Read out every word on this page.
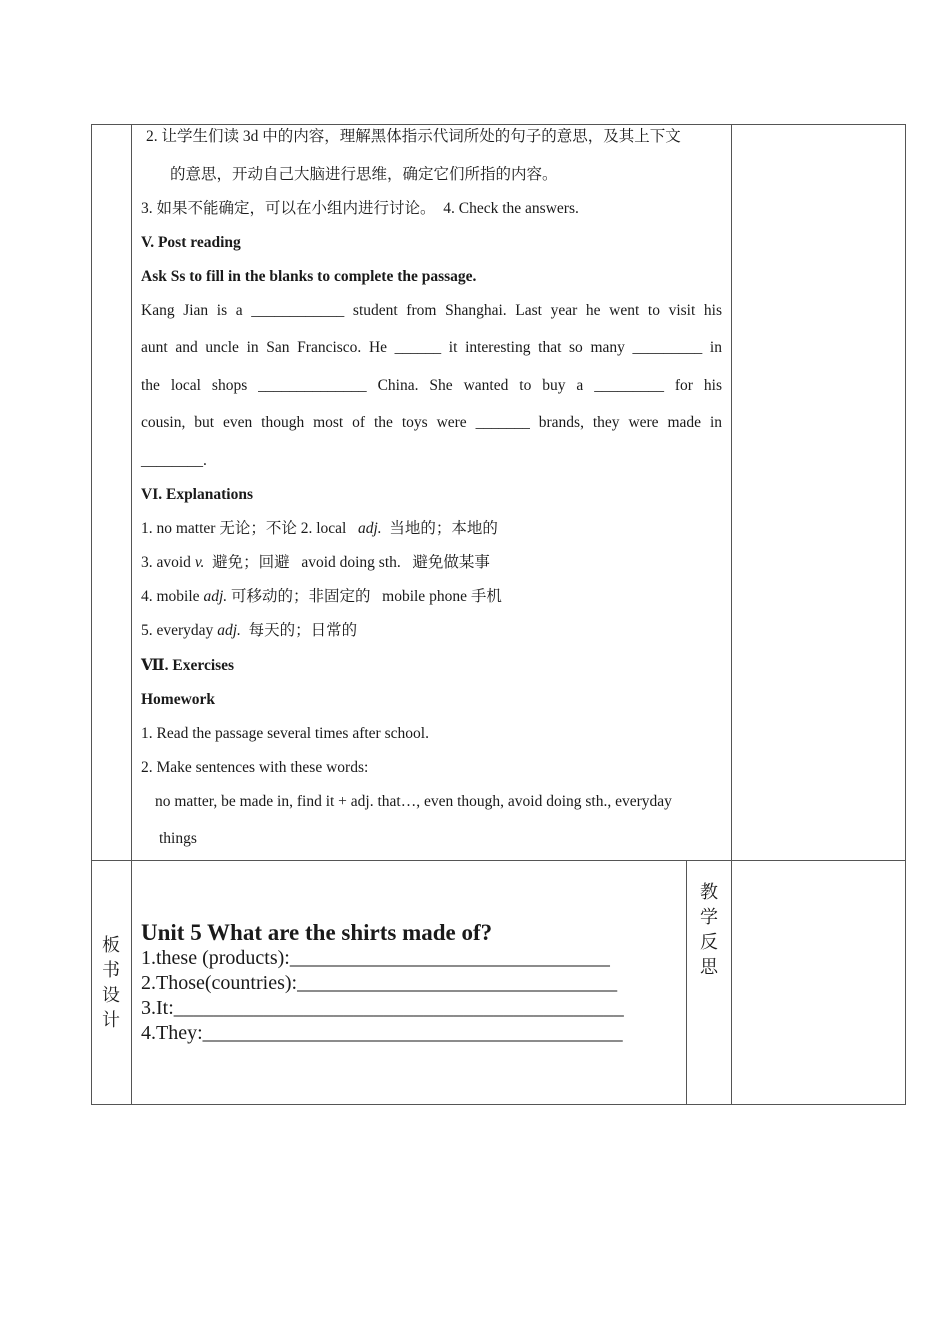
2. 让学生们读 3d 中的内容，理解黑体指示代词所处的句子的意思，及其上下文
的意思，开动自己大脑进行思维，确定它们所指的内容。
3. 如果不能确定，可以在小组内进行讨论。 4. Check the answers.
V. Post reading
Ask Ss to fill in the blanks to complete the passage.
Kang Jian is a ____________ student from Shanghai. Last year he went to visit his
aunt and uncle in San Francisco. He ______ it interesting that so many _________ in
the local shops ______________ China. She wanted to buy a _________ for his
cousin, but even though most of the toys were _______ brands, they were made in
________.
VI. Explanations
1. no matter 无论；不论 2. local adj. 当地的；本地的
3. avoid v. 避免；回避 avoid doing sth. 避免做某事
4. mobile adj. 可移动的；非固定的 mobile phone 手机
5. everyday adj. 每天的；日常的
Ⅶ. Exercises
Homework
1. Read the passage several times after school.
2. Make sentences with these words:
no matter, be made in, find it + adj. that…, even though, avoid doing sth., everyday
things
板
书
设
计
Unit 5 What are the shirts made of?
1.these (products):________________________________
2.Those(countries):________________________________
3.It:_____________________________________________
4.They:__________________________________________
教
学
反
思
